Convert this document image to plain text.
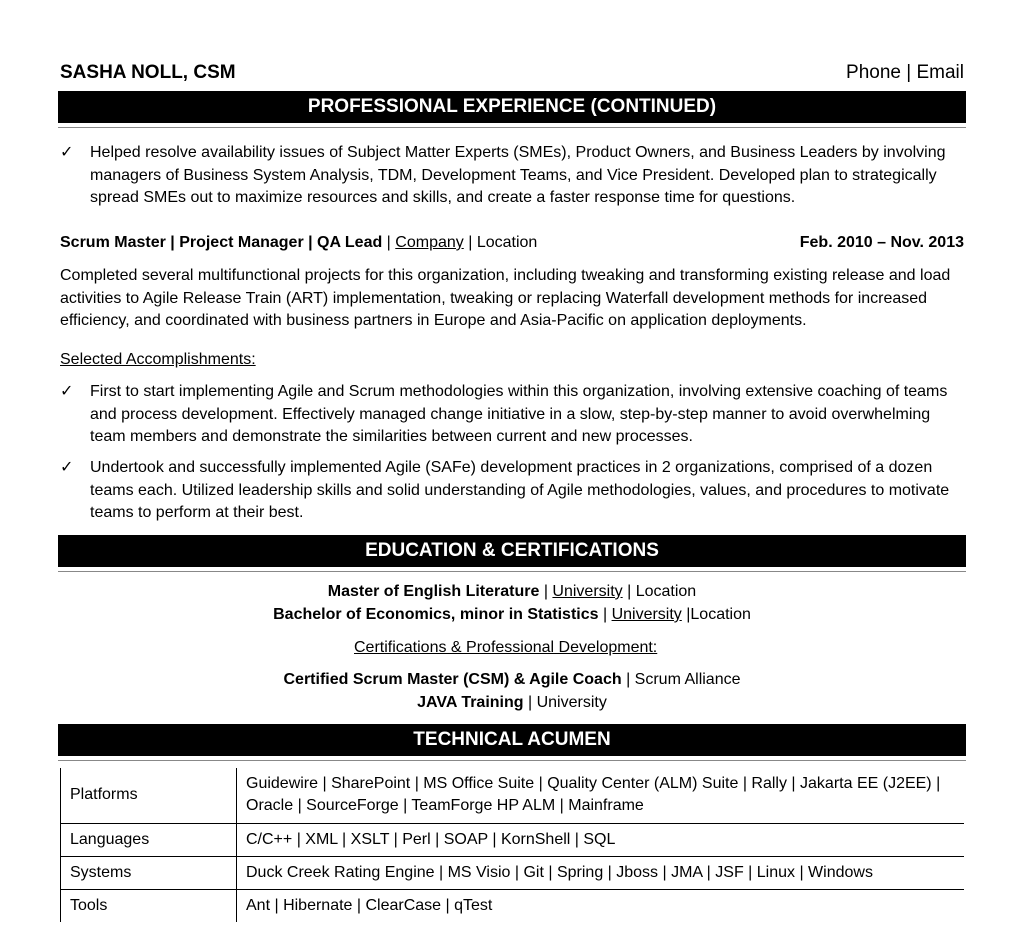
SASHA NOLL, CSM	Phone | Email
PROFESSIONAL EXPERIENCE (CONTINUED)
✓ Helped resolve availability issues of Subject Matter Experts (SMEs), Product Owners, and Business Leaders by involving managers of Business System Analysis, TDM, Development Teams, and Vice President. Developed plan to strategically spread SMEs out to maximize resources and skills, and create a faster response time for questions.
Scrum Master | Project Manager | QA Lead | Company | Location	Feb. 2010 – Nov. 2013
Completed several multifunctional projects for this organization, including tweaking and transforming existing release and load activities to Agile Release Train (ART) implementation, tweaking or replacing Waterfall development methods for increased efficiency, and coordinated with business partners in Europe and Asia-Pacific on application deployments.
Selected Accomplishments:
✓ First to start implementing Agile and Scrum methodologies within this organization, involving extensive coaching of teams and process development. Effectively managed change initiative in a slow, step-by-step manner to avoid overwhelming team members and demonstrate the similarities between current and new processes.
✓ Undertook and successfully implemented Agile (SAFe) development practices in 2 organizations, comprised of a dozen teams each. Utilized leadership skills and solid understanding of Agile methodologies, values, and procedures to motivate teams to perform at their best.
EDUCATION & CERTIFICATIONS
Master of English Literature | University | Location
Bachelor of Economics, minor in Statistics | University |Location
Certifications & Professional Development:
Certified Scrum Master (CSM) & Agile Coach | Scrum Alliance
JAVA Training | University
TECHNICAL ACUMEN
Platforms	Guidewire | SharePoint | MS Office Suite | Quality Center (ALM) Suite | Rally | Jakarta EE (J2EE) | Oracle | SourceForge | TeamForge HP ALM | Mainframe
Languages	C/C++ | XML | XSLT | Perl | SOAP | KornShell | SQL
Systems	Duck Creek Rating Engine | MS Visio | Git | Spring | Jboss | JMA | JSF | Linux | Windows
Tools	Ant | Hibernate | ClearCase | qTest
